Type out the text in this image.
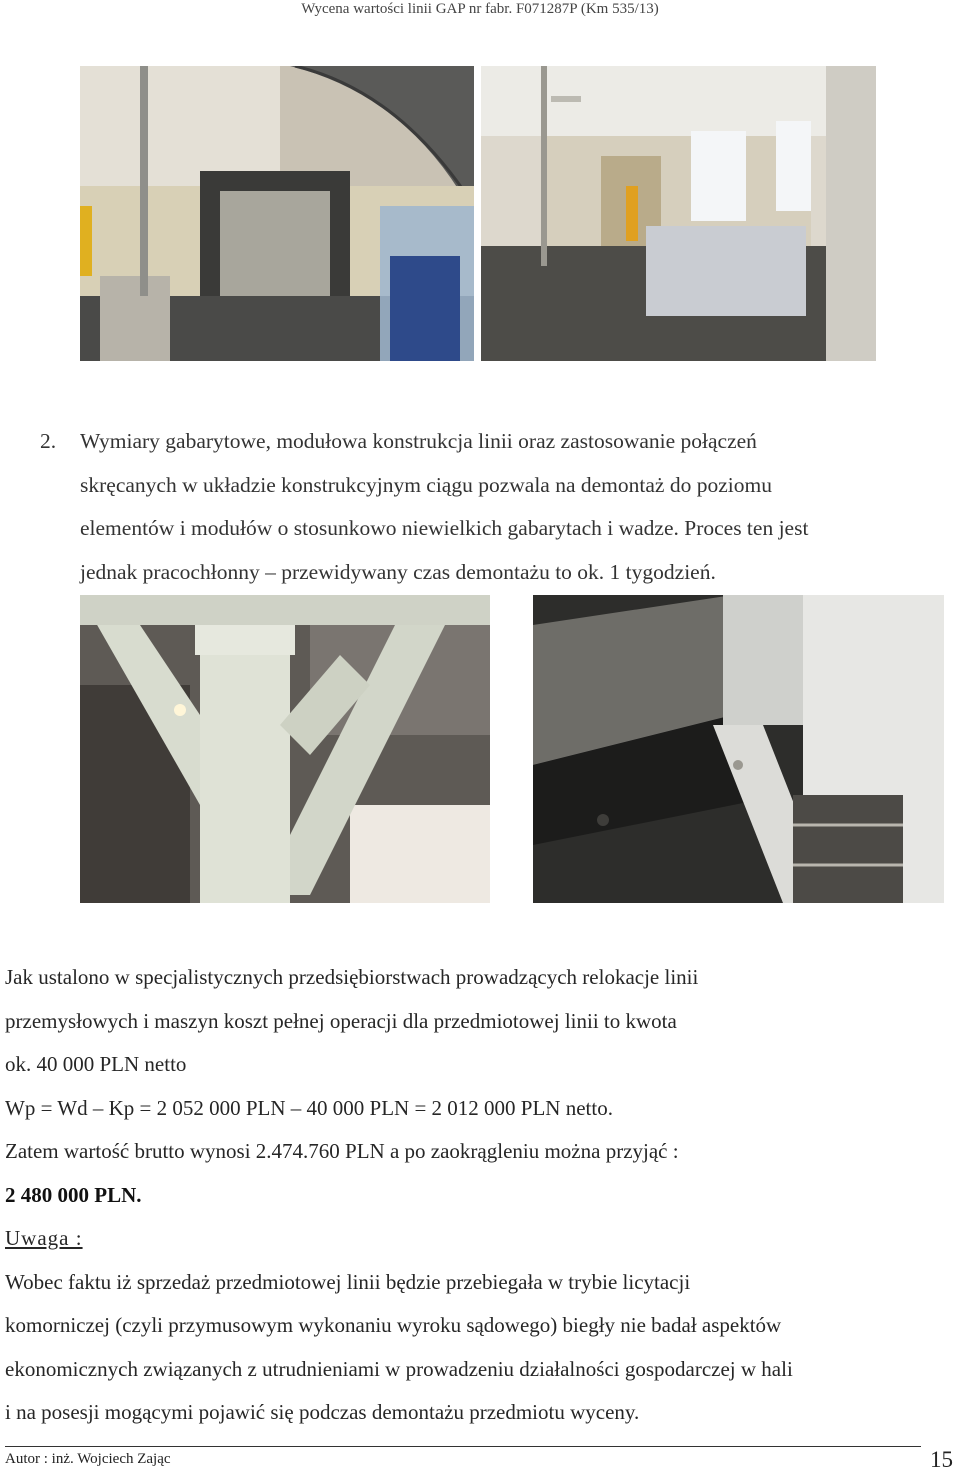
Wycena wartości linii GAP nr fabr. F071287P (Km 535/13)
2. Wymiary gabarytowe, modułowa konstrukcja linii oraz zastosowanie połączeń
skręcanych w układzie konstrukcyjnym ciągu pozwala na demontaż do poziomu
elementów i modułów o stosunkowo niewielkich gabarytach i wadze. Proces ten jest
jednak pracochłonny – przewidywany czas demontażu to ok. 1 tygodzień.
Jak ustalono w specjalistycznych przedsiębiorstwach prowadzących relokacje linii
przemysłowych i maszyn koszt pełnej operacji dla przedmiotowej linii to kwota
ok. 40 000 PLN netto
Wp = Wd – Kp = 2 052 000 PLN – 40 000 PLN = 2 012 000 PLN netto.
Zatem wartość brutto wynosi 2.474.760 PLN a po zaokrągleniu można przyjąć :
2 480 000 PLN.
Uwaga :
Wobec faktu iż sprzedaż przedmiotowej linii będzie przebiegała w trybie licytacji
komorniczej (czyli przymusowym wykonaniu wyroku sądowego) biegły nie badał aspektów
ekonomicznych związanych z utrudnieniami w prowadzeniu działalności gospodarczej w hali
i na posesji mogącymi pojawić się podczas demontażu przedmiotu wyceny.
Autor : inż. Wojciech Zając	15
